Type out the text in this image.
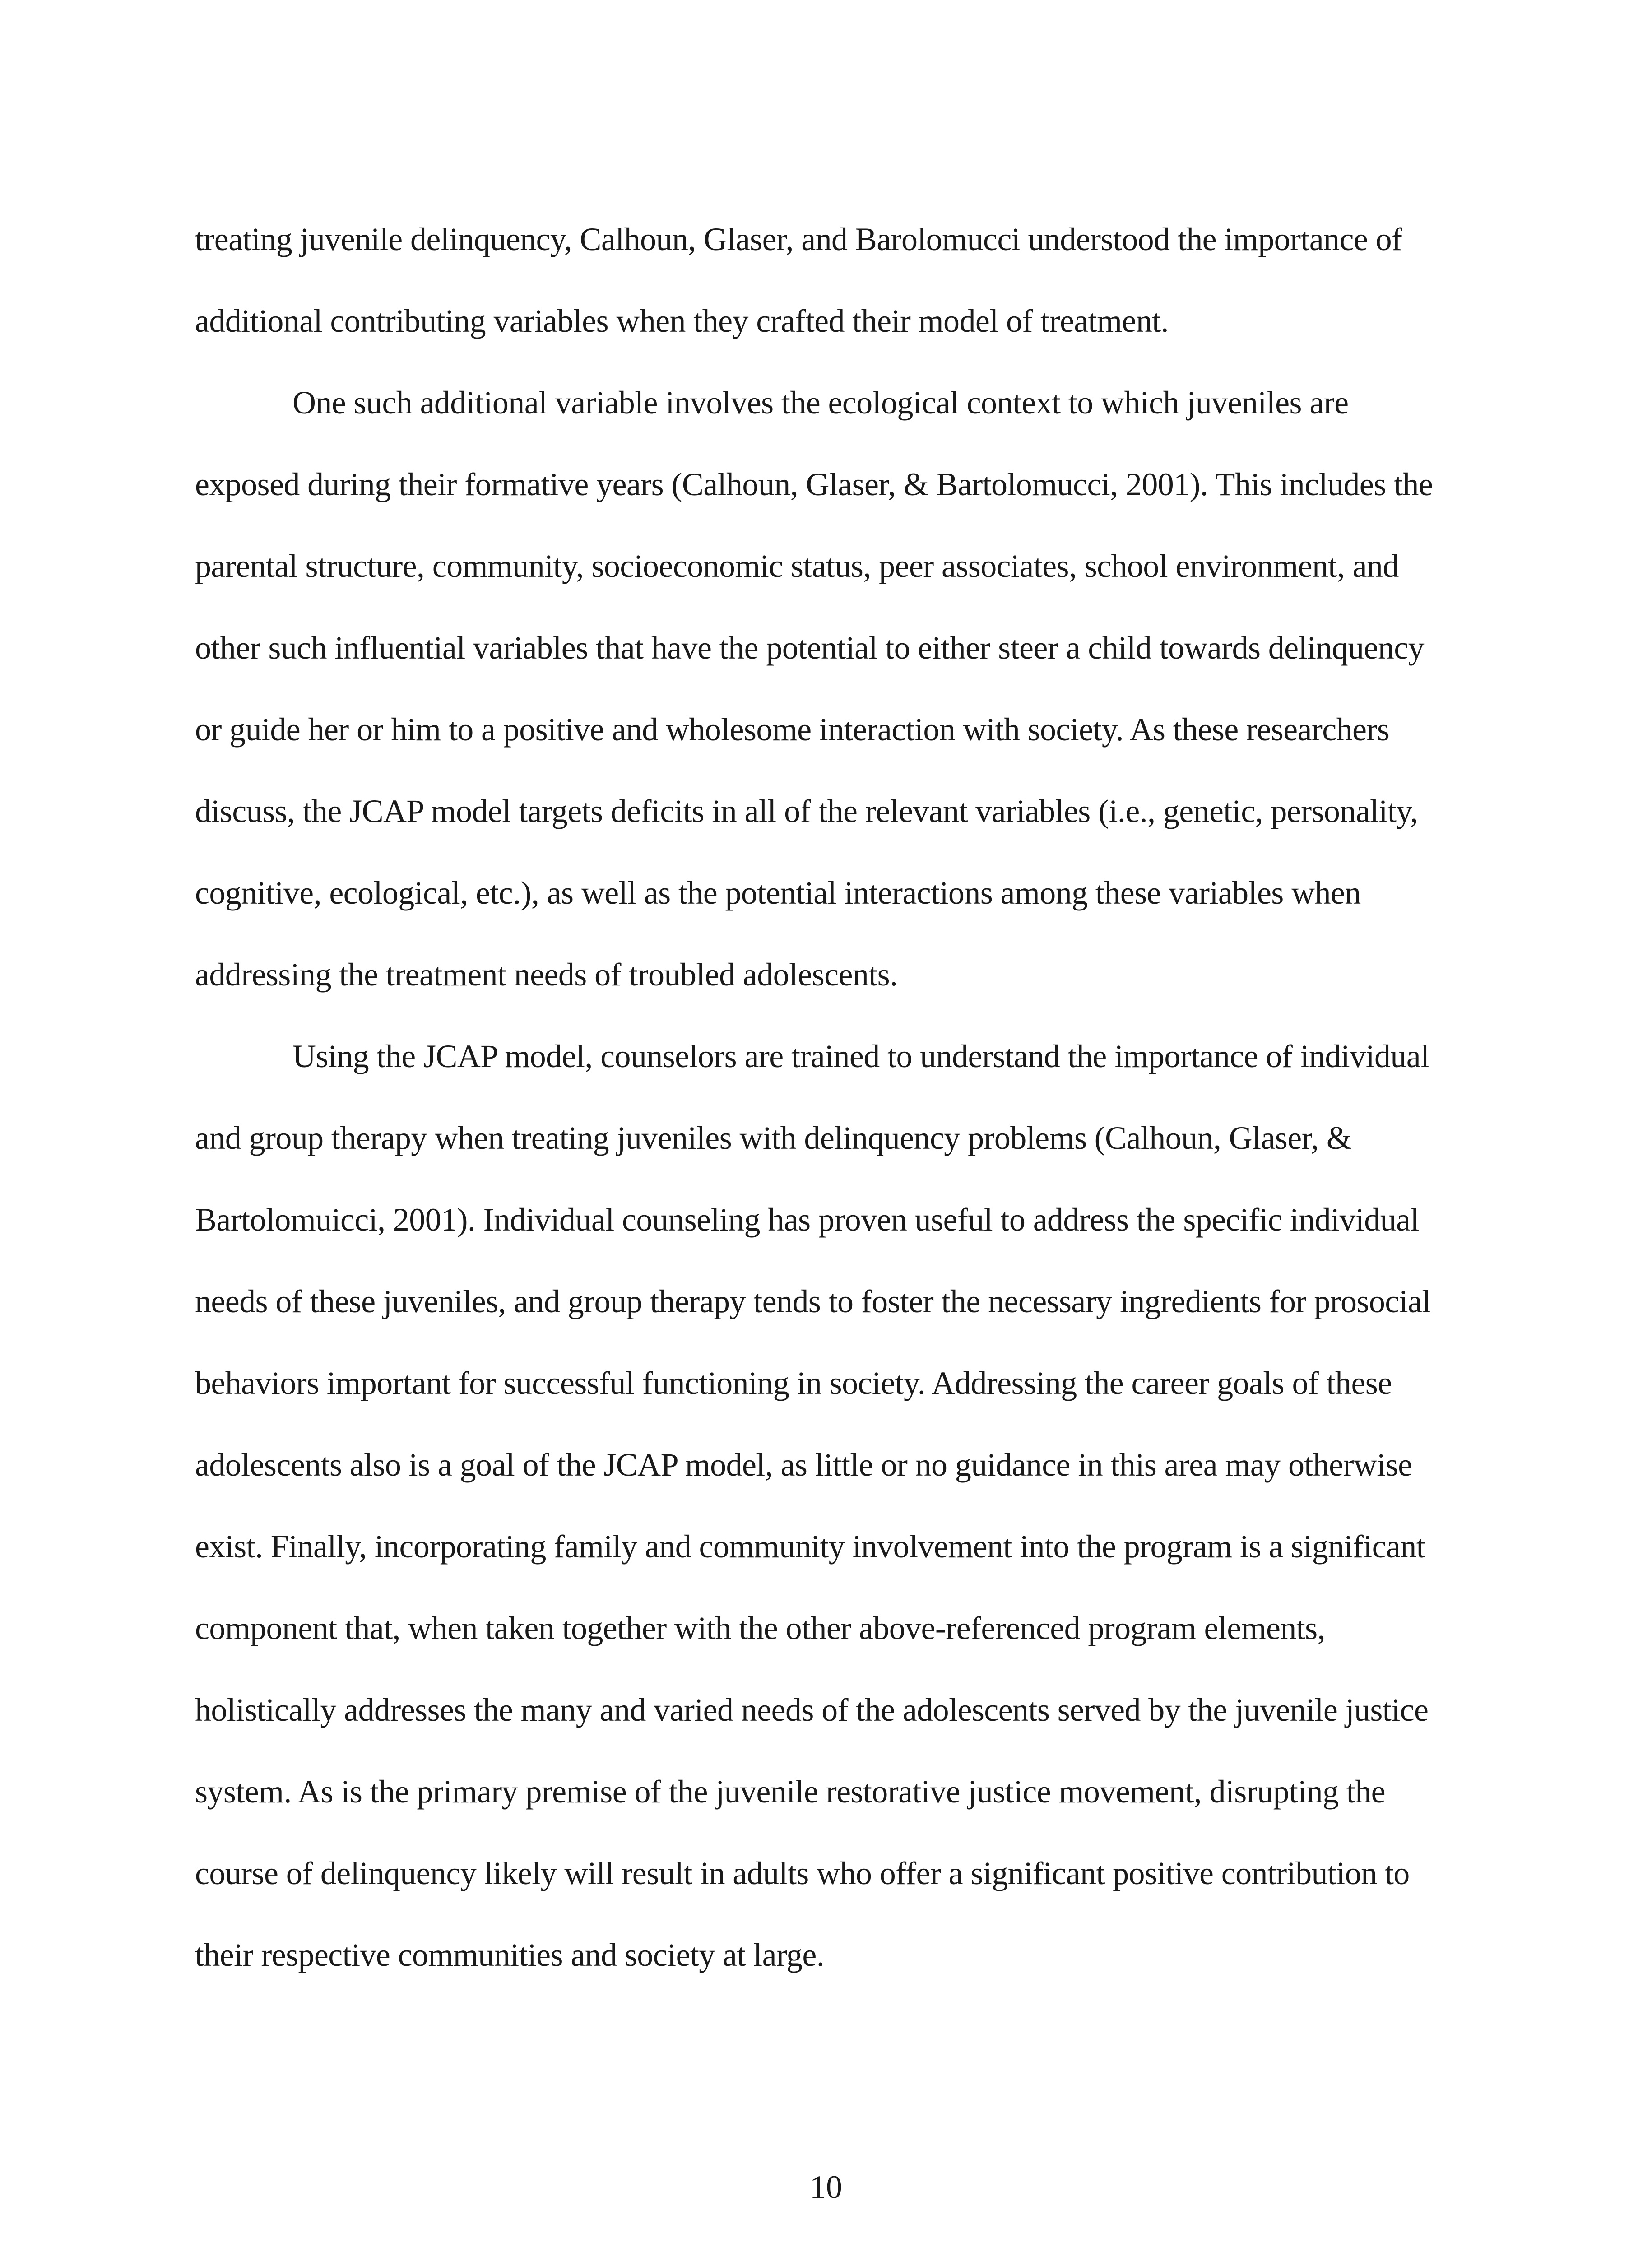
treating juvenile delinquency, Calhoun, Glaser, and Barolomucci understood the importance of
additional contributing variables when they crafted their model of treatment.
One such additional variable involves the ecological context to which juveniles are
exposed during their formative years (Calhoun, Glaser, & Bartolomucci, 2001). This includes the
parental structure, community, socioeconomic status, peer associates, school environment, and
other such influential variables that have the potential to either steer a child towards delinquency
or guide her or him to a positive and wholesome interaction with society. As these researchers
discuss, the JCAP model targets deficits in all of the relevant variables (i.e., genetic, personality,
cognitive, ecological, etc.), as well as the potential interactions among these variables when
addressing the treatment needs of troubled adolescents.
Using the JCAP model, counselors are trained to understand the importance of individual
and group therapy when treating juveniles with delinquency problems (Calhoun, Glaser, &
Bartolomuicci, 2001). Individual counseling has proven useful to address the specific individual
needs of these juveniles, and group therapy tends to foster the necessary ingredients for prosocial
behaviors important for successful functioning in society. Addressing the career goals of these
adolescents also is a goal of the JCAP model, as little or no guidance in this area may otherwise
exist. Finally, incorporating family and community involvement into the program is a significant
component that, when taken together with the other above-referenced program elements,
holistically addresses the many and varied needs of the adolescents served by the juvenile justice
system. As is the primary premise of the juvenile restorative justice movement, disrupting the
course of delinquency likely will result in adults who offer a significant positive contribution to
their respective communities and society at large.
10
